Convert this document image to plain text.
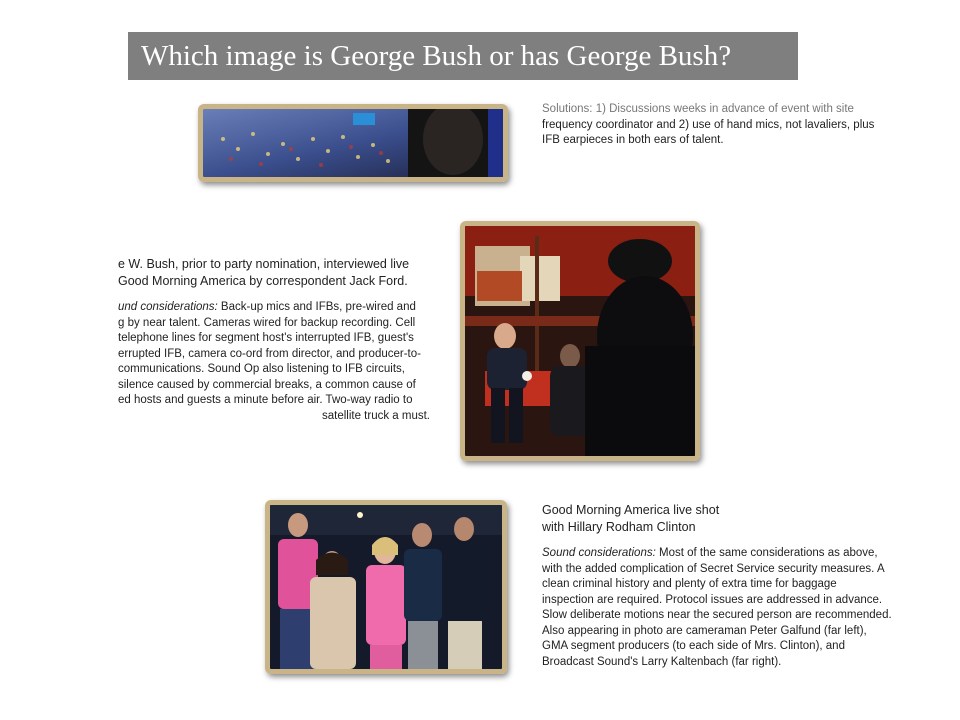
Which image is George Bush or has George Bush?

Solutions: 1) Discussions weeks in advance of event with site

frequency coordinator and 2) use of hand mics, not lavaliers, plus

IFB earpieces in both ears of talent.

e W. Bush, prior to party nomination, interviewed live

Good Morning America by correspondent Jack Ford.

und considerations: Back-up mics and IFBs, pre-wired and

g by near talent. Cameras wired for backup recording. Cell

telephone lines for segment host's interrupted IFB, guest's

errupted IFB, camera co-ord from director, and producer-to-

communications. Sound Op also listening to IFB circuits,

silence caused by commercial breaks, a common cause of

ed hosts and guests a minute before air. Two-way radio to

satellite truck a must.

Good Morning America live shot

with Hillary Rodham Clinton

Sound considerations: Most of the same considerations as above,

with the added complication of Secret Service security measures. A

clean criminal history and plenty of extra time for baggage

inspection are required. Protocol issues are addressed in advance.

Slow deliberate motions near the secured person are recommended.

Also appearing in photo are cameraman Peter Galfund (far left),

GMA segment producers (to each side of Mrs. Clinton), and

Broadcast Sound's Larry Kaltenbach (far right).
